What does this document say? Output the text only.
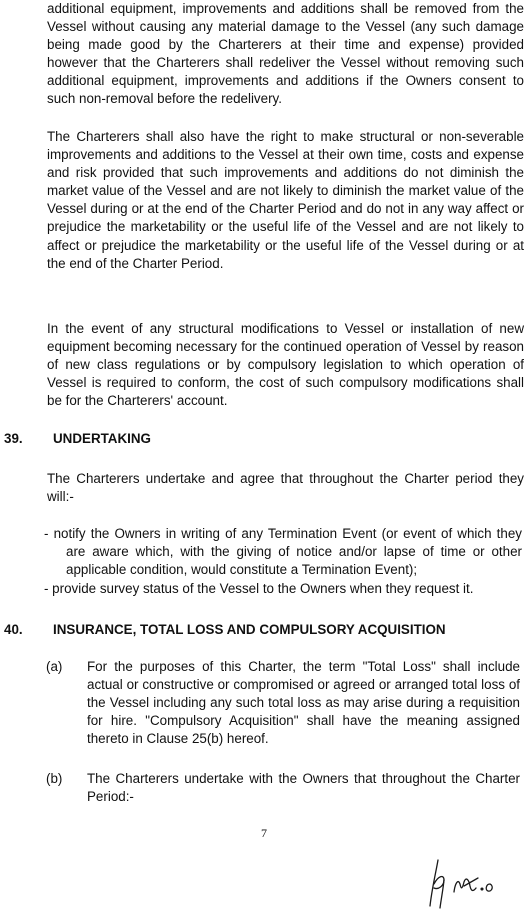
additional equipment, improvements and additions shall be removed from the Vessel without causing any material damage to the Vessel (any such damage being made good by the Charterers at their time and expense) provided however that the Charterers shall redeliver the Vessel without removing such additional equipment, improvements and additions if the Owners consent to such non-removal before the redelivery.

The Charterers shall also have the right to make structural or non-severable improvements and additions to the Vessel at their own time, costs and expense and risk provided that such improvements and additions do not diminish the market value of the Vessel and are not likely to diminish the market value of the Vessel during or at the end of the Charter Period and do not in any way affect or prejudice the marketability or the useful life of the Vessel and are not likely to affect or prejudice the marketability or the useful life of the Vessel during or at the end of the Charter Period.

In the event of any structural modifications to Vessel or installation of new equipment becoming necessary for the continued operation of Vessel by reason of new class regulations or by compulsory legislation to which operation of Vessel is required to conform, the cost of such compulsory modifications shall be for the Charterers' account.

39. UNDERTAKING

The Charterers undertake and agree that throughout the Charter period they will:-

- notify the Owners in writing of any Termination Event (or event of which they are aware which, with the giving of notice and/or lapse of time or other applicable condition, would constitute a Termination Event);

- provide survey status of the Vessel to the Owners when they request it.

40. INSURANCE, TOTAL LOSS AND COMPULSORY ACQUISITION
(a) For the purposes of this Charter, the term "Total Loss" shall include actual or constructive or compromised or agreed or arranged total loss of the Vessel including any such total loss as may arise during a requisition for hire. "Compulsory Acquisition" shall have the meaning assigned thereto in Clause 25(b) hereof.

(b) The Charterers undertake with the Owners that throughout the Charter Period:-

7
